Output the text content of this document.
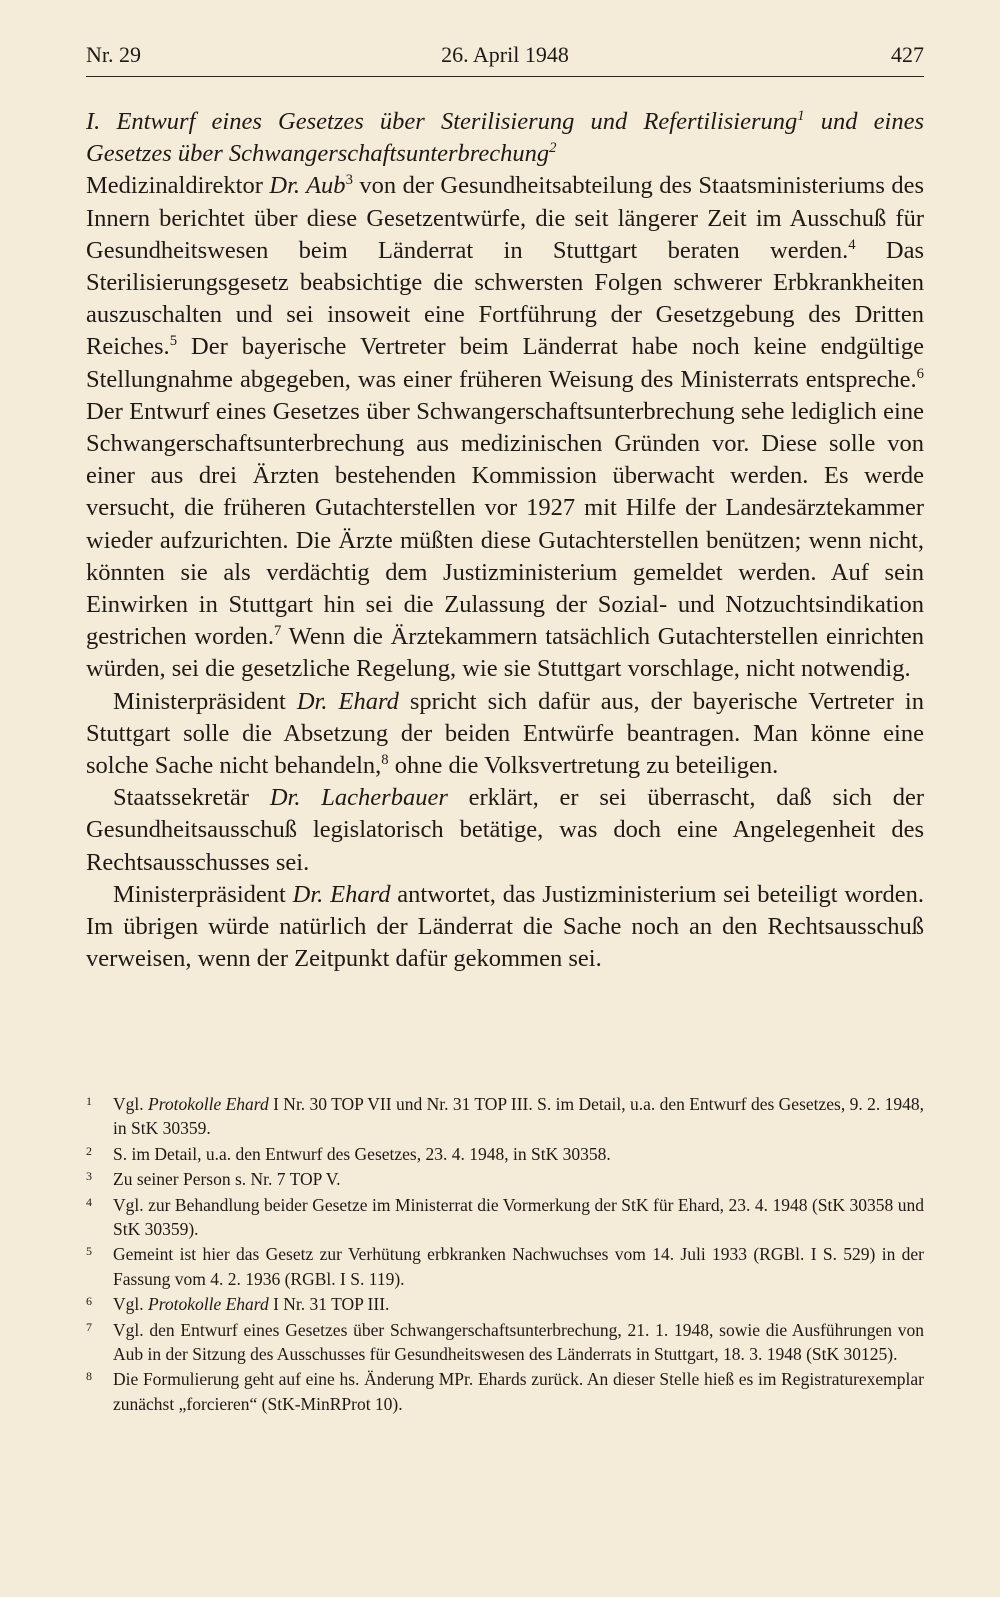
Nr. 29	26. April 1948	427

I. Entwurf eines Gesetzes über Sterilisierung und Refertilisierung$^1$ und eines Gesetzes über Schwangerschaftsunterbrechung$^2$

Medizinaldirektor Dr. Aub$^3$ von der Gesundheitsabteilung des Staatsministeriums des Innern berichtet über diese Gesetzentwürfe, die seit längerer Zeit im Ausschuß für Gesundheitswesen beim Länderrat in Stuttgart beraten werden.$^4$ Das Sterilisierungsgesetz beabsichtige die schwersten Folgen schwerer Erbkrankheiten auszuschalten und sei insoweit eine Fortführung der Gesetzgebung des Dritten Reiches.$^5$ Der bayerische Vertreter beim Länderrat habe noch keine endgültige Stellungnahme abgegeben, was einer früheren Weisung des Ministerrats entspreche.$^6$ Der Entwurf eines Gesetzes über Schwangerschaftsunterbrechung sehe lediglich eine Schwangerschaftsunterbrechung aus medizinischen Gründen vor. Diese solle von einer aus drei Ärzten bestehenden Kommission überwacht werden. Es werde versucht, die früheren Gutachterstellen vor 1927 mit Hilfe der Landesärztekammer wieder aufzurichten. Die Ärzte müßten diese Gutachterstellen benützen; wenn nicht, könnten sie als verdächtig dem Justizministerium gemeldet werden. Auf sein Einwirken in Stuttgart hin sei die Zulassung der Sozial- und Notzuchtsindikation gestrichen worden.$^7$ Wenn die Ärztekammern tatsächlich Gutachterstellen einrichten würden, sei die gesetzliche Regelung, wie sie Stuttgart vorschlage, nicht notwendig.

Ministerpräsident Dr. Ehard spricht sich dafür aus, der bayerische Vertreter in Stuttgart solle die Absetzung der beiden Entwürfe beantragen. Man könne eine solche Sache nicht behandeln,$^8$ ohne die Volksvertretung zu beteiligen.

Staatssekretär Dr. Lacherbauer erklärt, er sei überrascht, daß sich der Gesundheitsausschuß legislatorisch betätige, was doch eine Angelegenheit des Rechtsausschusses sei.

Ministerpräsident Dr. Ehard antwortet, das Justizministerium sei beteiligt worden. Im übrigen würde natürlich der Länderrat die Sache noch an den Rechtsausschuß verweisen, wenn der Zeitpunkt dafür gekommen sei.

1 Vgl. Protokolle Ehard I Nr. 30 TOP VII und Nr. 31 TOP III. S. im Detail, u.a. den Entwurf des Gesetzes, 9. 2. 1948, in StK 30359.

2 S. im Detail, u.a. den Entwurf des Gesetzes, 23. 4. 1948, in StK 30358.

3 Zu seiner Person s. Nr. 7 TOP V.

4 Vgl. zur Behandlung beider Gesetze im Ministerrat die Vormerkung der StK für Ehard, 23. 4. 1948 (StK 30358 und StK 30359).

5 Gemeint ist hier das Gesetz zur Verhütung erbkranken Nachwuchses vom 14. Juli 1933 (RGBl. I S. 529) in der Fassung vom 4. 2. 1936 (RGBl. I S. 119).

6 Vgl. Protokolle Ehard I Nr. 31 TOP III.

7 Vgl. den Entwurf eines Gesetzes über Schwangerschaftsunterbrechung, 21. 1. 1948, sowie die Ausführungen von Aub in der Sitzung des Ausschusses für Gesundheitswesen des Länderrats in Stuttgart, 18. 3. 1948 (StK 30125).

8 Die Formulierung geht auf eine hs. Änderung MPr. Ehards zurück. An dieser Stelle hieß es im Registraturexemplar zunächst „forcieren“ (StK-MinRProt 10).
